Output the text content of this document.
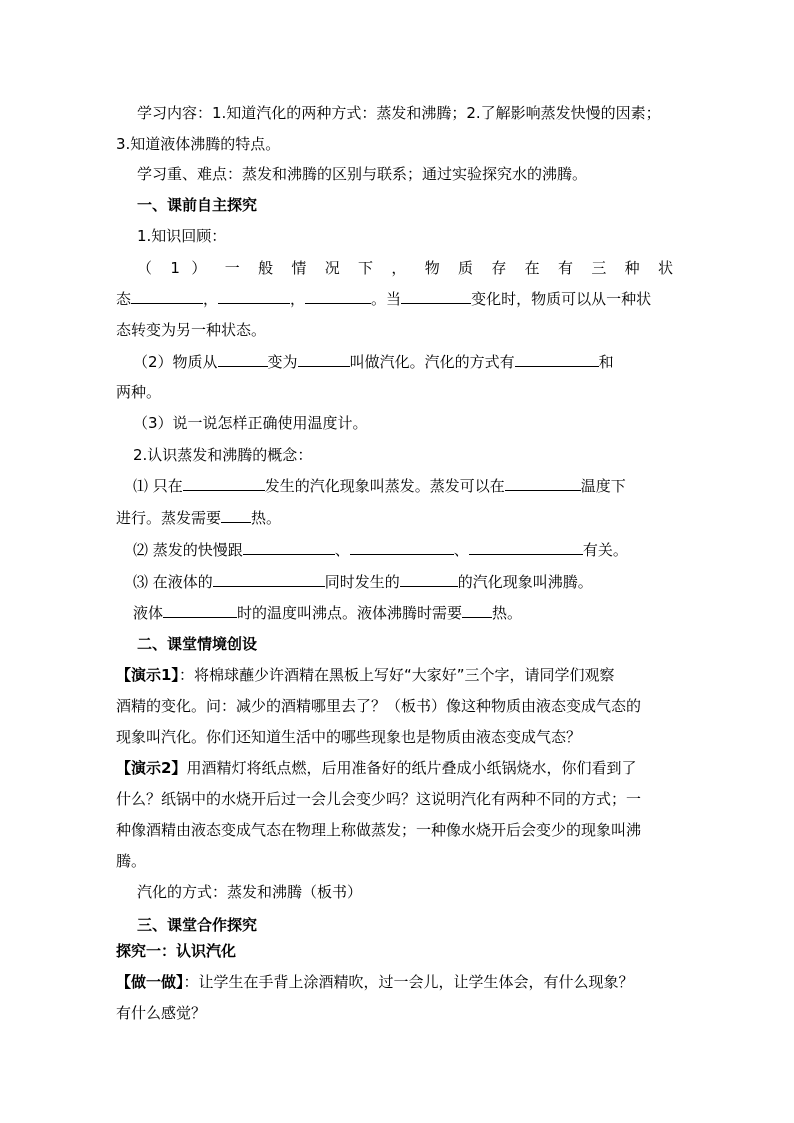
学习内容：1.知道汽化的两种方式：蒸发和沸腾；2.了解影响蒸发快慢的因素；
3.知道液体沸腾的特点。
学习重、难点：蒸发和沸腾的区别与联系；通过实验探究水的沸腾。
一、课前自主探究
1.知识回顾：
（ 1 ） 一 般 情 况 下 ， 物 质 存 在 有 三 种 状
态	，	，	。当	变化时，物质可以从一种状
态转变为另一种状态。
（2）物质从	变为	叫做汽化。汽化的方式有	和
两种。
（3）说一说怎样正确使用温度计。
2.认识蒸发和沸腾的概念：
⑴ 只在	发生的汽化现象叫蒸发。蒸发可以在	温度下
进行。蒸发需要 热。
⑵ 蒸发的快慢跟	、	、	有关。
⑶ 在液体的	同时发生的	的汽化现象叫沸腾。
液体	时的温度叫沸点。液体沸腾时需要 热。
二、课堂情境创设
【演示1】：将棉球蘸少许酒精在黑板上写好“大家好”三个字，请同学们观察
酒精的变化。问：减少的酒精哪里去了？（板书）像这种物质由液态变成气态的
现象叫汽化。你们还知道生活中的哪些现象也是物质由液态变成气态？
【演示2】用酒精灯将纸点燃，后用准备好的纸片叠成小纸锅烧水，你们看到了
什么？纸锅中的水烧开后过一会儿会变少吗？这说明汽化有两种不同的方式；一
种像酒精由液态变成气态在物理上称做蒸发；一种像水烧开后会变少的现象叫沸
腾。
汽化的方式：蒸发和沸腾（板书）
三、课堂合作探究
探究一：认识汽化
【做一做】：让学生在手背上涂酒精吹，过一会儿，让学生体会，有什么现象？
有什么感觉？
